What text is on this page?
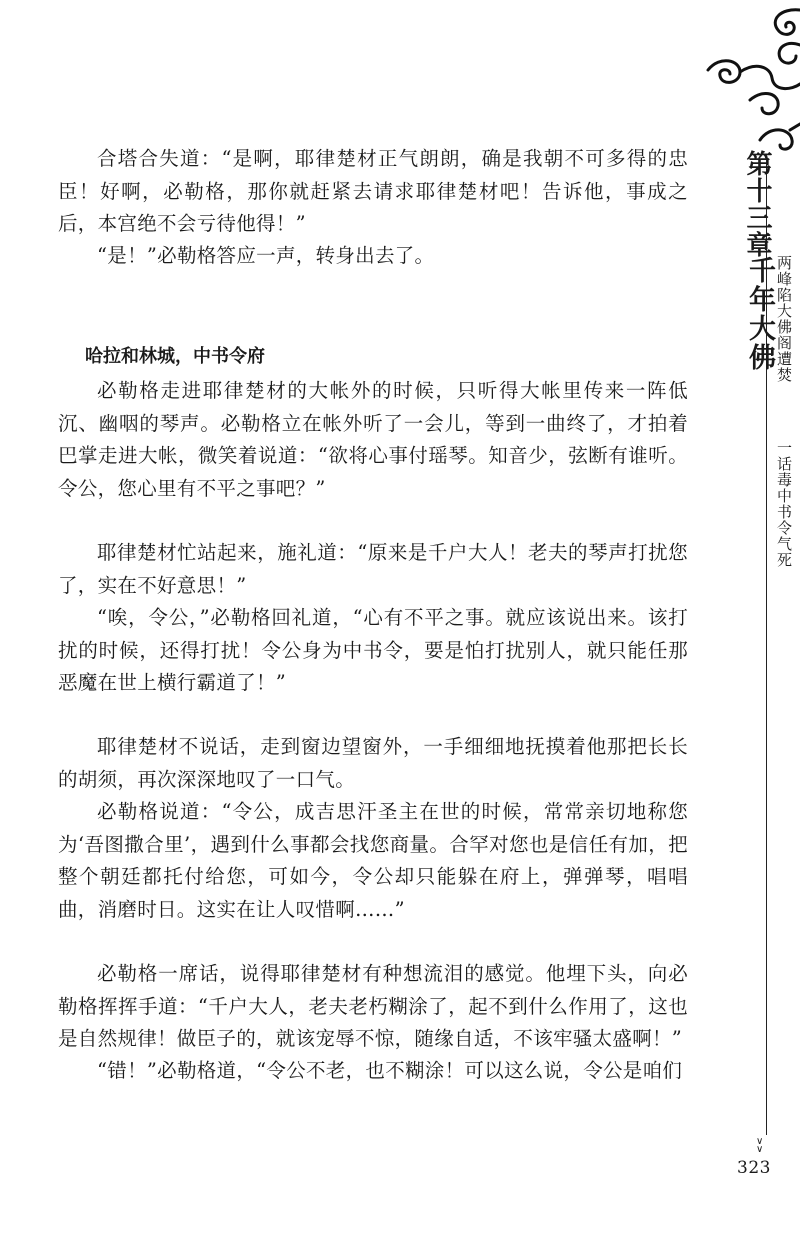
合塔合失道：“是啊，耶律楚材正气朗朗，确是我朝不可多得的忠臣！好啊，必勒格，那你就赶紧去请求耶律楚材吧！告诉他，事成之后，本宫绝不会亏待他得！”

“是！”必勒格答应一声，转身出去了。

哈拉和林城，中书令府

必勒格走进耶律楚材的大帐外的时候，只听得大帐里传来一阵低沉、幽咽的琴声。必勒格立在帐外听了一会儿，等到一曲终了，才拍着巴掌走进大帐，微笑着说道：“欲将心事付瑶琴。知音少，弦断有谁听。令公，您心里有不平之事吧？”

耶律楚材忙站起来，施礼道：“原来是千户大人！老夫的琴声打扰您了，实在不好意思！”

“唉，令公，”必勒格回礼道，“心有不平之事。就应该说出来。该打扰的时候，还得打扰！令公身为中书令，要是怕打扰别人，就只能任那恶魔在世上横行霸道了！”

耶律楚材不说话，走到窗边望窗外，一手细细地抚摸着他那把长长的胡须，再次深深地叹了一口气。

必勒格说道：“令公，成吉思汗圣主在世的时候，常常亲切地称您为‘吾图撒合里’，遇到什么事都会找您商量。合罕对您也是信任有加，把整个朝廷都托付给您，可如今，令公却只能躲在府上，弹弹琴，唱唱曲，消磨时日。这实在让人叹惜啊……”

必勒格一席话，说得耶律楚材有种想流泪的感觉。他埋下头，向必勒格挥挥手道：“千户大人，老夫老朽糊涂了，起不到什么作用了，这也是自然规律！做臣子的，就该宠辱不惊，随缘自适，不该牢骚太盛啊！”

“错！”必勒格道，“令公不老，也不糊涂！可以这么说，令公是咱们

第十三章
千年大佛 两峰陷大佛阁遭焚
一话毒中书令气死
∨
∨
323
